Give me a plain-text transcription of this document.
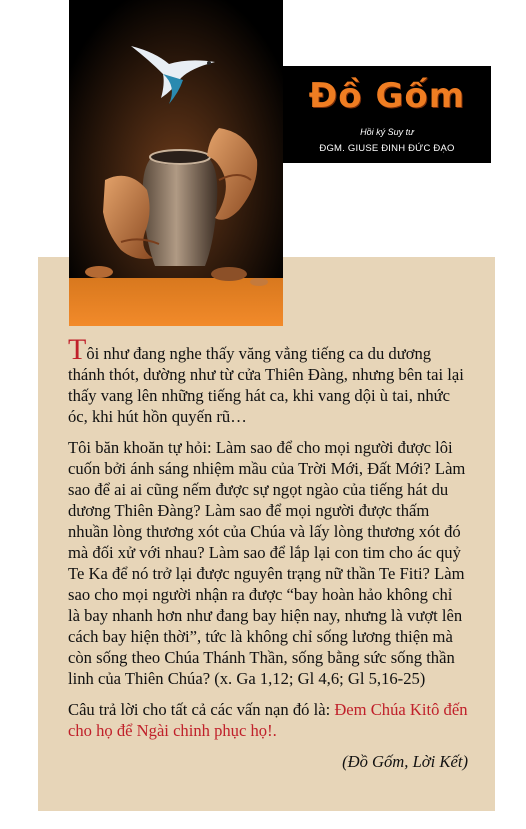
Đồ Gốm
Hồi ký Suy tư
ĐGM. GIUSE ĐINH ĐỨC ĐẠO

Tôi như đang nghe thấy văng vẳng tiếng ca du dương thánh thót, dường như từ cửa Thiên Đàng, nhưng bên tai lại thấy vang lên những tiếng hát ca, khi vang dội ù tai, nhức óc, khi hút hồn quyến rũ…

Tôi băn khoăn tự hỏi: Làm sao để cho mọi người được lôi cuốn bởi ánh sáng nhiệm mầu của Trời Mới, Đất Mới? Làm sao để ai ai cũng nếm được sự ngọt ngào của tiếng hát du dương Thiên Đàng? Làm sao để mọi người được thấm nhuần lòng thương xót của Chúa và lấy lòng thương xót đó mà đối xử với nhau? Làm sao để lắp lại con tim cho ác quỷ Te Ka để nó trở lại được nguyên trạng nữ thần Te Fiti? Làm sao cho mọi người nhận ra được “bay hoàn hảo không chỉ là bay nhanh hơn như đang bay hiện nay, nhưng là vượt lên cách bay hiện thời”, tức là không chỉ sống lương thiện mà còn sống theo Chúa Thánh Thần, sống bằng sức sống thần linh của Thiên Chúa? (x. Ga 1,12; Gl 4,6; Gl 5,16-25)

Câu trả lời cho tất cả các vấn nạn đó là: Đem Chúa Kitô đến cho họ để Ngài chinh phục họ!.

(Đồ Gốm, Lời Kết)
